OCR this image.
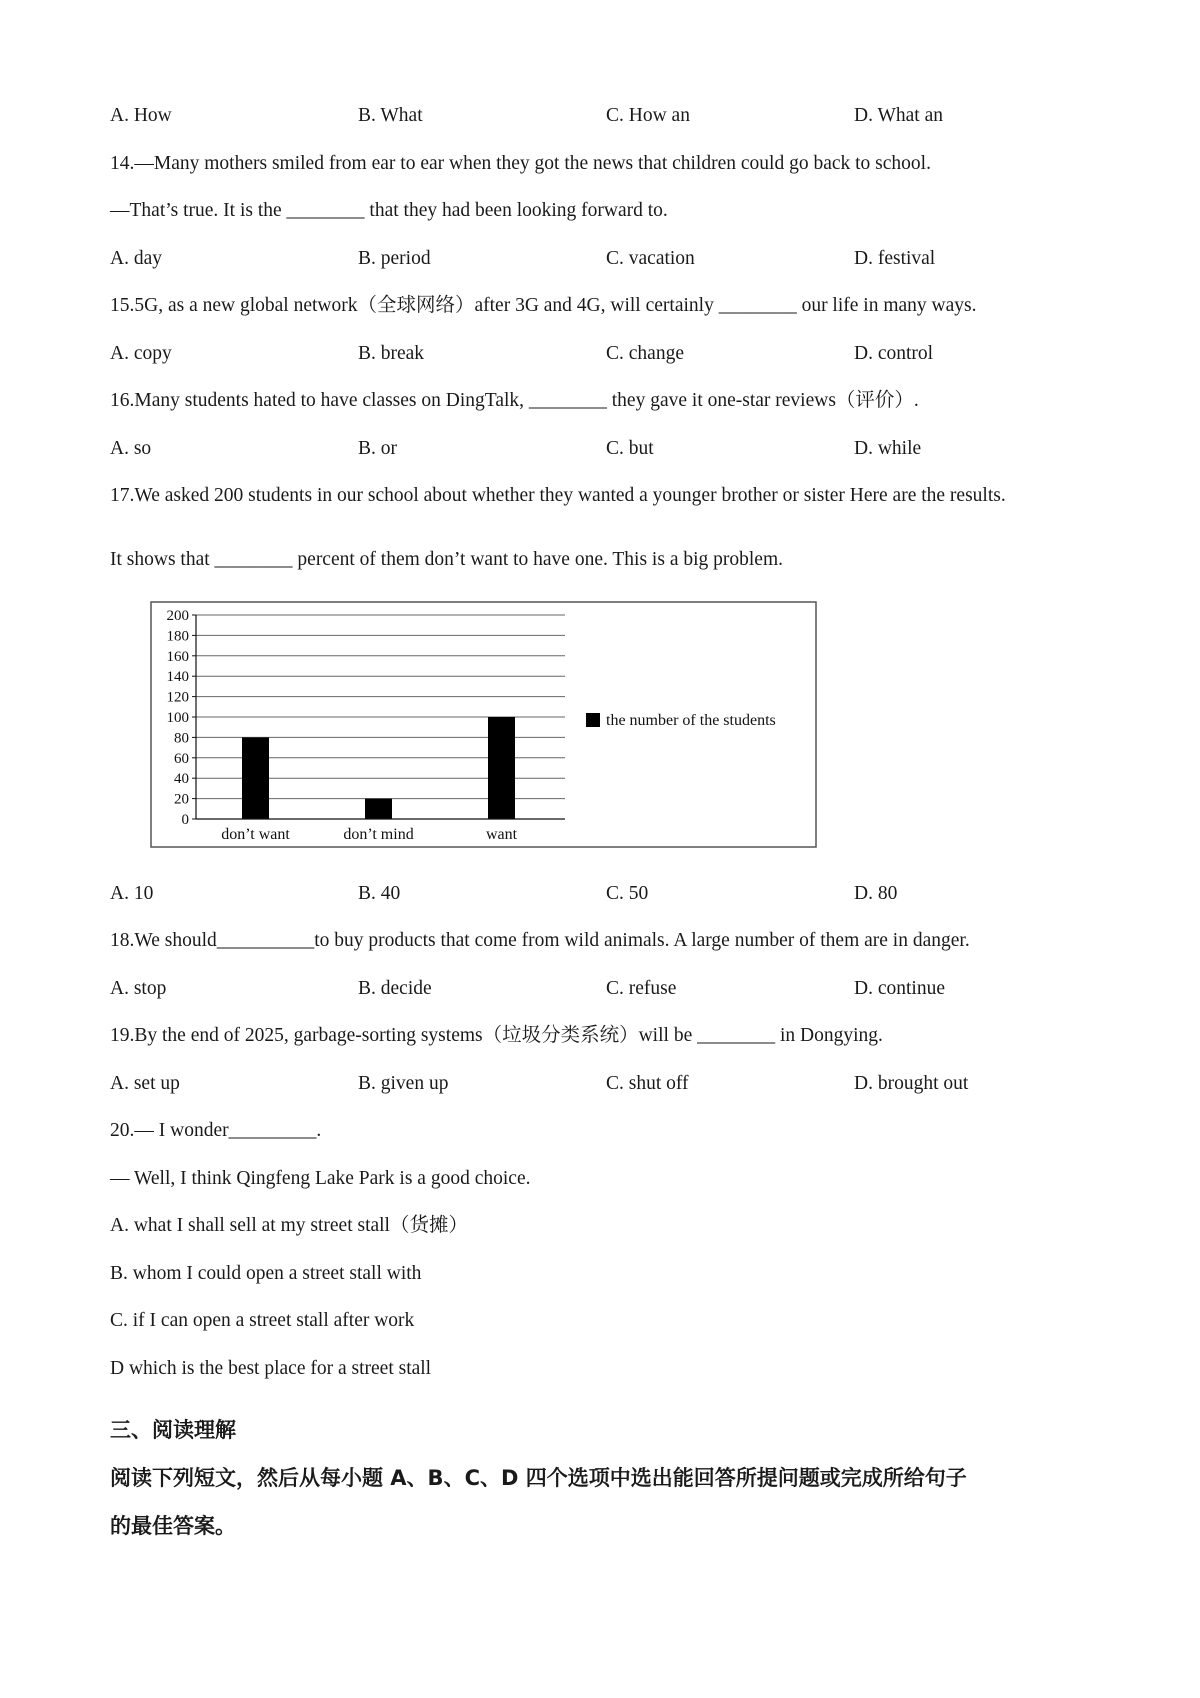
A. How	B. What	C. How an	D. What an
14.—Many mothers smiled from ear to ear when they got the news that children could go back to school.
—That’s true. It is the ________ that they had been looking forward to.
A. day	B. period	C. vacation	D. festival
15.5G, as a new global network（全球网络）after 3G and 4G, will certainly ________ our life in many ways.
A. copy	B. break	C. change	D. control
16.Many students hated to have classes on DingTalk, ________ they gave it one-star reviews（评价）.
A. so	B. or	C. but	D. while
17.We asked 200 students in our school about whether they wanted a younger brother or sister Here are the results.
It shows that ________ percent of them don’t want to have one. This is a big problem.
0
20
40
60
80
100
120
140
160
180
200
don’t want	don’t mind	want
the number of the students
A. 10	B. 40	C. 50	D. 80
18.We should__________to buy products that come from wild animals. A large number of them are in danger.
A. stop	B. decide	C. refuse	D. continue
19.By the end of 2025, garbage-sorting systems（垃圾分类系统）will be ________ in Dongying.
A. set up	B. given up	C. shut off	D. brought out
20.— I wonder_________.
— Well, I think Qingfeng Lake Park is a good choice.
A. what I shall sell at my street stall（货摊）
B. whom I could open a street stall with
C. if I can open a street stall after work
D which is the best place for a street stall
三、阅读理解
阅读下列短文，然后从每小题 A、B、C、D 四个选项中选出能回答所提问题或完成所给句子
的最佳答案。
